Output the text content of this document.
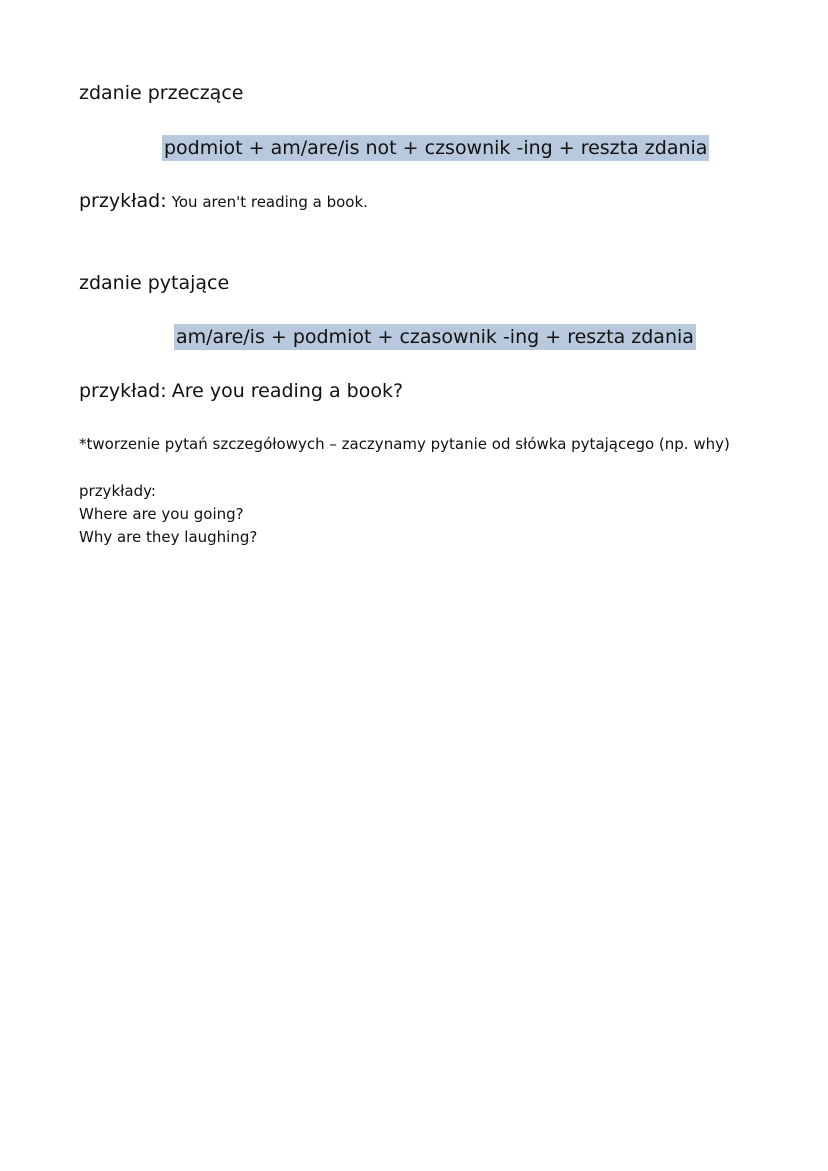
zdanie przeczące
podmiot + am/are/is not + czsownik -ing + reszta zdania
przykład: You aren't reading a book.
zdanie pytające
am/are/is + podmiot + czasownik -ing + reszta zdania
przykład: Are you reading a book?
*tworzenie pytań szczegółowych – zaczynamy pytanie od słówka pytającego (np. why)
przykłady:
Where are you going?
Why are they laughing?
